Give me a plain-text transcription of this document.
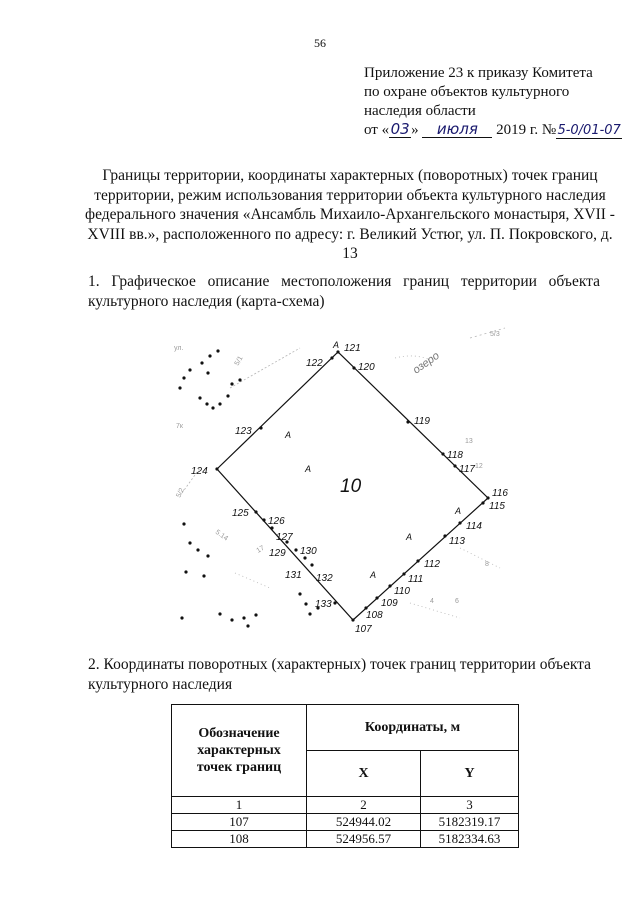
56
Приложение 23 к приказу Комитета
по охране объектов культурного
наследия области
от «03» июля 2019 г. №5-0/01-07
Границы территории, координаты характерных (поворотных) точек границ территории, режим использования территории объекта культурного наследия федерального значения «Ансамбль Михаило-Архангельского монастыря, XVII - XVIII вв.», расположенного по адресу: г. Великий Устюг, ул. П. Покровского, д. 13
1. Графическое описание местоположения границ территории объекта культурного наследия (карта-схема)
ул.
5/1
7к
5/2
5.14
17
13
12
4	6
8
5/3
озеро
107
108
109
110
111
112
113
114
115
116
117
118
119
120
121
122
123
124
125
126
127
129 130
131 132
133
А
А
А
А
А
А
10
2. Координаты поворотных (характерных) точек границ территории объекта культурного наследия
Обозначение характерных точек границ	Координаты, м	
	X	Y
1	2	3
107	524944.02	5182319.17
108	524956.57	5182334.63
